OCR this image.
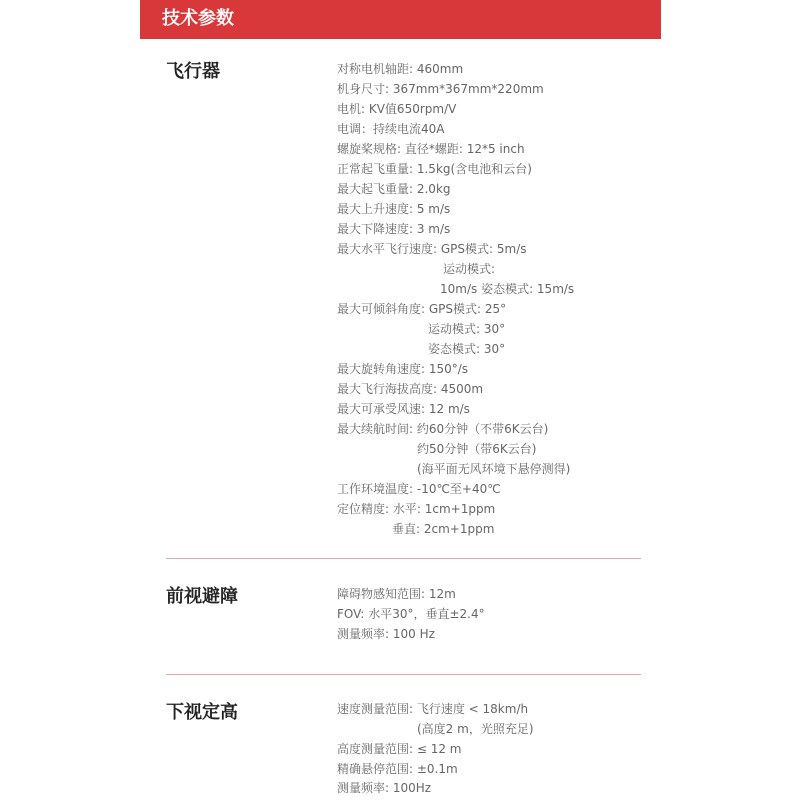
技术参数
飞行器	对称电机轴距: 460mm
机身尺寸: 367mm*367mm*220mm
电机: KV值650rpm/V
电调：持续电流40A
螺旋桨规格: 直径*螺距: 12*5 inch
正常起飞重量: 1.5kg(含电池和云台)
最大起飞重量: 2.0kg
最大上升速度: 5 m/s
最大下降速度: 3 m/s
最大水平飞行速度: GPS模式: 5m/s
运动模式:
10m/s 姿态模式: 15m/s
最大可倾斜角度: GPS模式: 25°
运动模式: 30°
姿态模式: 30°
最大旋转角速度: 150°/s
最大飞行海拔高度: 4500m
最大可承受风速: 12 m/s
最大续航时间: 约60分钟（不带6K云台)
约50分钟（带6K云台)
(海平面无风环境下悬停测得)
工作环境温度: -10℃至+40℃
定位精度: 水平: 1cm+1ppm
垂直: 2cm+1ppm
前视避障	障碍物感知范围: 12m
FOV: 水平30°，垂直±2.4°
测量频率: 100 Hz
下视定高	速度测量范围: 飞行速度 < 18km/h
(高度2 m，光照充足)
高度测量范围: ≤ 12 m
精确悬停范围: ±0.1m
测量频率: 100Hz
